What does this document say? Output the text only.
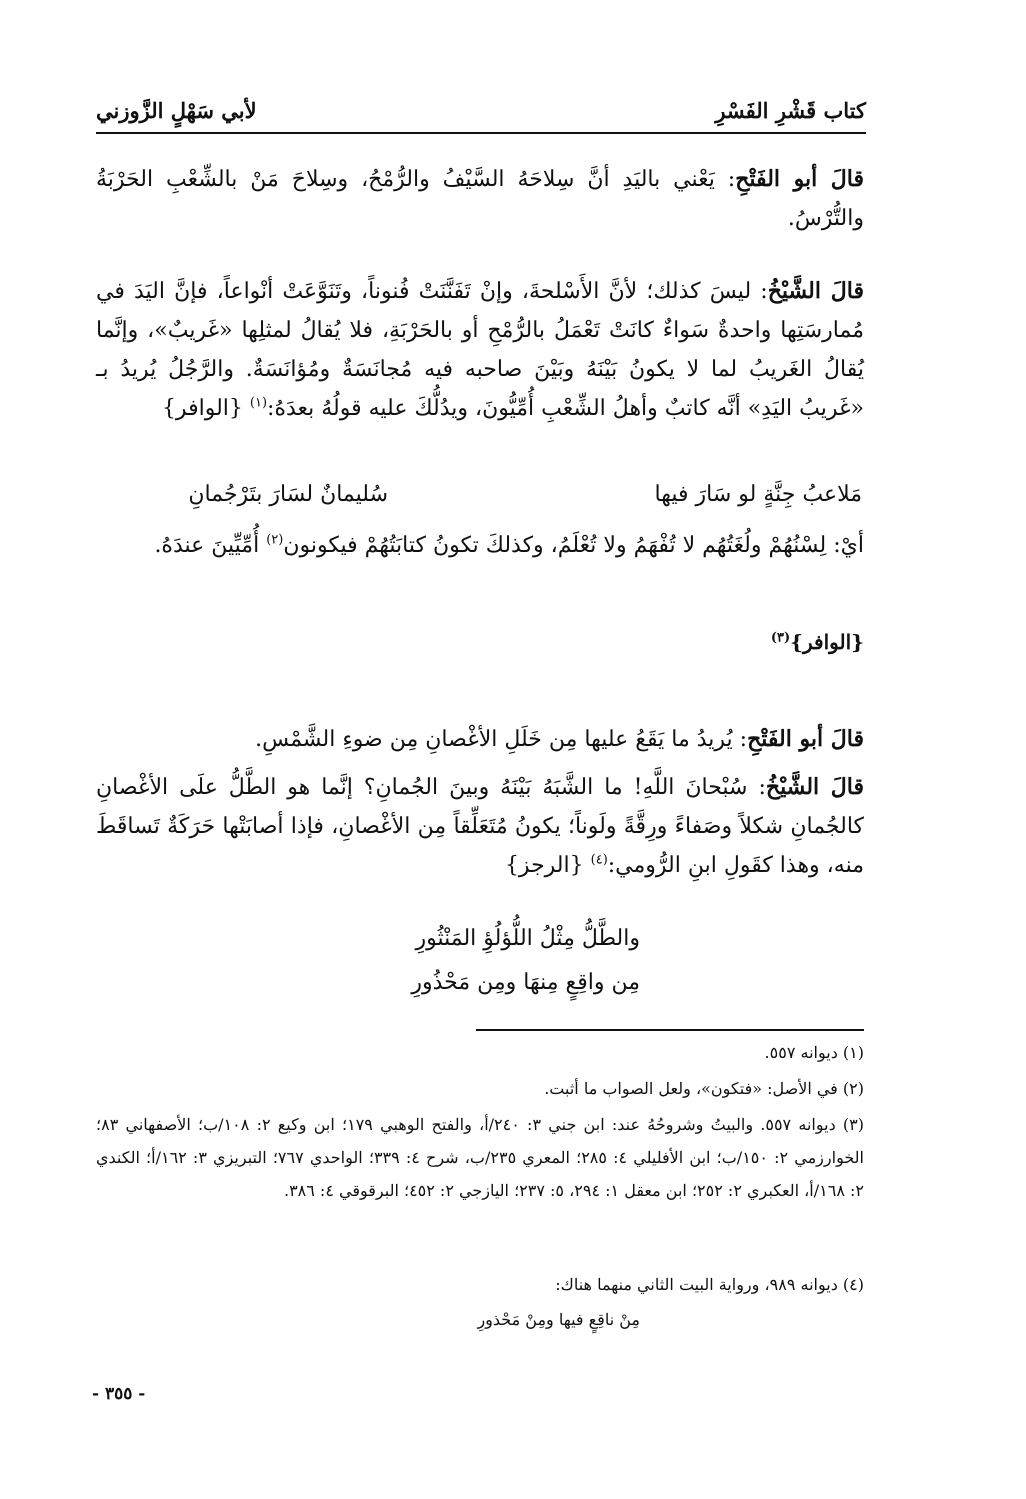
كتاب قَشْرِ الفَسْرِ
لأبي سَهْلٍ الزَّوزني

قالَ أبو الفَتْحِ: يَعْني باليَدِ أنَّ سِلاحَهُ السَّيْفُ والرُّمْحُ، وسِلاحَ مَنْ بالشِّعْبِ الحَرْبَةُ والتُّرْسُ.

قالَ الشَّيْخُ: ليسَ كذلك؛ لأنَّ الأَسْلحةَ، وإنْ تَفَنَّنَتْ فُنوناً، وتَنَوَّعَتْ أنْواعاً، فإنَّ اليَدَ في مُمارسَتِها واحدةٌ سَواءٌ كانَتْ تَعْمَلُ بالرُّمْحِ أو بالحَرْبَةِ، فلا يُقالُ لمثلِها «غَريبٌ»، وإنَّما يُقالُ الغَريبُ لما لا يكونُ بَيْنَهُ وبَيْنَ صاحبه فيه مُجانَسَةٌ ومُؤانَسَةٌ. والرَّجُلُ يُريدُ بـ «غَريبُ اليَدِ» أنَّه كاتبٌ وأهلُ الشِّعْبِ أُمِّيُّونَ، ويدُلُّكَ عليه قولُهُ بعدَهُ:$^{(١)}$ {الوافر}

مَلاعبُ جِنَّةٍ لو سَارَ فيها
سُليمانٌ لسَارَ بتَرْجُمانِ

أيْ: لِسْنُهُمْ ولُغَتُهُم لا تُفْهَمُ ولا تُعْلَمُ، وكذلكَ تكونُ كتابَتُهُمْ فيكونون$^{(٢)}$ أُمِّيِّينَ عندَهُ.

{الوافر}$^{(٣)}$

قالَ أبو الفَتْحِ: يُريدُ ما يَقَعُ عليها مِن خَلَلِ الأغْصانِ مِن ضوءِ الشَّمْسِ.

قالَ الشَّيْخُ: سُبْحانَ اللَّهِ! ما الشَّبَهُ بَيْنَهُ وبينَ الجُمانِ؟ إنَّما هو الطَّلُّ علَى الأغْصانِ كالجُمانِ شكلاً وصَفاءً ورِقَّةً ولَوناً؛ يكونُ مُتَعَلِّقاً مِن الأغْصانِ، فإذا أصابَتْها حَرَكَةٌ تَساقَطَ منه، وهذا كقَولِ ابنِ الرُّومي:$^{(٤)}$ {الرجز}

والطَّلُّ مِثْلُ اللُّؤلُؤِ المَنْثُورِ
مِن واقِعٍ مِنهَا ومِن مَحْذُورِ

(١) ديوانه ٥٥٧.

(٢) في الأصل: «فتكون»، ولعل الصواب ما أثبت.

(٣) ديوانه ٥٥٧. والبيتُ وشروحُهُ عند: ابن جني ٣: ٢٤٠/أ، والفتح الوهبي ١٧٩؛ ابن وكيع ٢: ١٠٨/ب؛ الأصفهاني ٨٣؛ الخوارزمي ٢: ١٥٠/ب؛ ابن الأفليلي ٤: ٢٨٥؛ المعري ٢٣٥/ب، شرح ٤: ٣٣٩؛ الواحدي ٧٦٧؛ التبريزي ٣: ١٦٢/أ؛ الكندي ٢: ١٦٨/أ، العكبري ٢: ٢٥٢؛ ابن معقل ١: ٢٩٤، ٥: ٢٣٧؛ اليازجي ٢: ٤٥٢؛ البرقوقي ٤: ٣٨٦.

(٤) ديوانه ٩٨٩، ورواية البيت الثاني منهما هناك:

مِنْ ناقِعٍ فيها ومِنْ مَحْذورِ
- ٣٥٥ -
